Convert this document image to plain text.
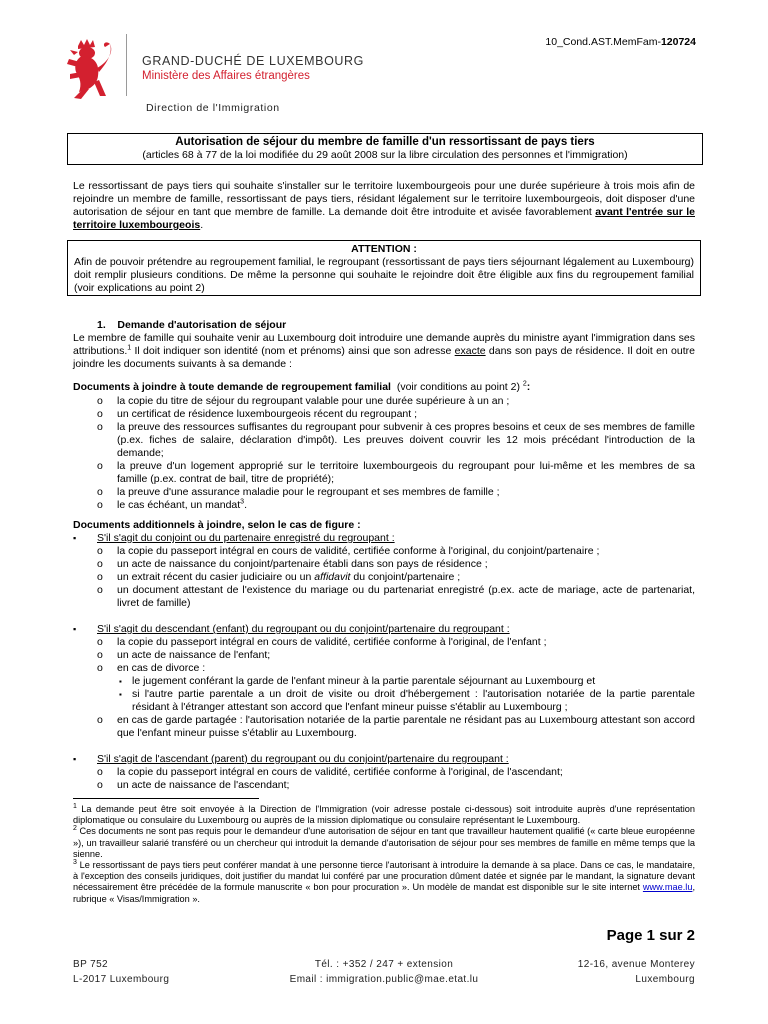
10_Cond.AST.MemFam-120724
GRAND-DUCHÉ DE LUXEMBOURG
Ministère des Affaires étrangères
Direction de l'Immigration
Autorisation de séjour du membre de famille d'un ressortissant de pays tiers
(articles 68 à 77 de la loi modifiée du 29 août 2008 sur la libre circulation des personnes et l'immigration)
Le ressortissant de pays tiers qui souhaite s'installer sur le territoire luxembourgeois pour une durée supérieure à trois mois afin de rejoindre un membre de famille, ressortissant de pays tiers, résidant légalement sur le territoire luxembourgeois, doit disposer d'une autorisation de séjour en tant que membre de famille. La demande doit être introduite et avisée favorablement avant l'entrée sur le territoire luxembourgeois.
ATTENTION :
Afin de pouvoir prétendre au regroupement familial, le regroupant (ressortissant de pays tiers séjournant légalement au Luxembourg) doit remplir plusieurs conditions. De même la personne qui souhaite le rejoindre doit être éligible aux fins du regroupement familial (voir explications au point 2)
1.    Demande d'autorisation de séjour
Le membre de famille qui souhaite venir au Luxembourg doit introduire une demande auprès du ministre ayant l'immigration dans ses attributions.$^1$ Il doit indiquer son identité (nom et prénoms) ainsi que son adresse exacte dans son pays de résidence. Il doit en outre joindre les documents suivants à sa demande :
Documents à joindre à toute demande de regroupement familial  (voir conditions au point 2) $^2$:
o la copie du titre de séjour du regroupant valable pour une durée supérieure à un an ;
o un certificat de résidence luxembourgeois récent du regroupant ;
o la preuve des ressources suffisantes du regroupant pour subvenir à ces propres besoins et ceux de ses membres de famille (p.ex. fiches de salaire, déclaration d'impôt). Les preuves doivent couvrir les 12 mois précédant l'introduction de la demande;
o la preuve d'un logement approprié sur le territoire luxembourgeois du regroupant pour lui-même et les membres de sa famille (p.ex. contrat de bail, titre de propriété);
o la preuve d'une assurance maladie pour le regroupant et ses membres de famille ;
o le cas échéant, un mandat$^3$.
Documents additionnels à joindre, selon le cas de figure :
▪ S'il s'agit du conjoint ou du partenaire enregistré du regroupant :
o la copie du passeport intégral en cours de validité, certifiée conforme à l'original, du conjoint/partenaire ;
o un acte de naissance du conjoint/partenaire établi dans son pays de résidence ;
o un extrait récent du casier judiciaire ou un affidavit du conjoint/partenaire ;
o un document attestant de l'existence du mariage ou du partenariat enregistré (p.ex. acte de mariage, acte de partenariat, livret de famille)
▪ S'il s'agit du descendant (enfant) du regroupant ou du conjoint/partenaire du regroupant :
o la copie du passeport intégral en cours de validité, certifiée conforme à l'original, de l'enfant ;
o un acte de naissance de l'enfant;
o en cas de divorce :
▪ le jugement conférant la garde de l'enfant mineur à la partie parentale séjournant au Luxembourg et
▪ si l'autre partie parentale a un droit de visite ou droit d'hébergement : l'autorisation notariée de la partie parentale résidant à l'étranger attestant son accord que l'enfant mineur puisse s'établir au Luxembourg ;
o en cas de garde partagée : l'autorisation notariée de la partie parentale ne résidant pas au Luxembourg attestant son accord que l'enfant mineur puisse s'établir au Luxembourg.
▪ S'il s'agit de l'ascendant (parent) du regroupant ou du conjoint/partenaire du regroupant :
o la copie du passeport intégral en cours de validité, certifiée conforme à l'original, de l'ascendant;
o un acte de naissance de l'ascendant;
$^1$ La demande peut être soit envoyée à la Direction de l'Immigration (voir adresse postale ci-dessous) soit introduite auprès d'une représentation diplomatique ou consulaire du Luxembourg ou auprès de la mission diplomatique ou consulaire représentant le Luxembourg.
$^2$ Ces documents ne sont pas requis pour le demandeur d'une autorisation de séjour en tant que travailleur hautement qualifié (« carte bleue européenne »), un travailleur salarié transféré ou un chercheur qui introduit la demande d'autorisation de séjour pour ses membres de famille en même temps que la sienne.
$^3$ Le ressortissant de pays tiers peut conférer mandat à une personne tierce l'autorisant à introduire la demande à sa place. Dans ce cas, le mandataire, à l'exception des conseils juridiques, doit justifier du mandat lui conféré par une procuration dûment datée et signée par le mandant, la signature devant nécessairement être précédée de la formule manuscrite « bon pour procuration ». Un modèle de mandat est disponible sur le site internet www.mae.lu, rubrique « Visas/Immigration ».
Page 1 sur 2
BP 752
L-2017 Luxembourg
Tél. : +352 / 247 + extension
Email : immigration.public@mae.etat.lu
12-16, avenue Monterey
Luxembourg
